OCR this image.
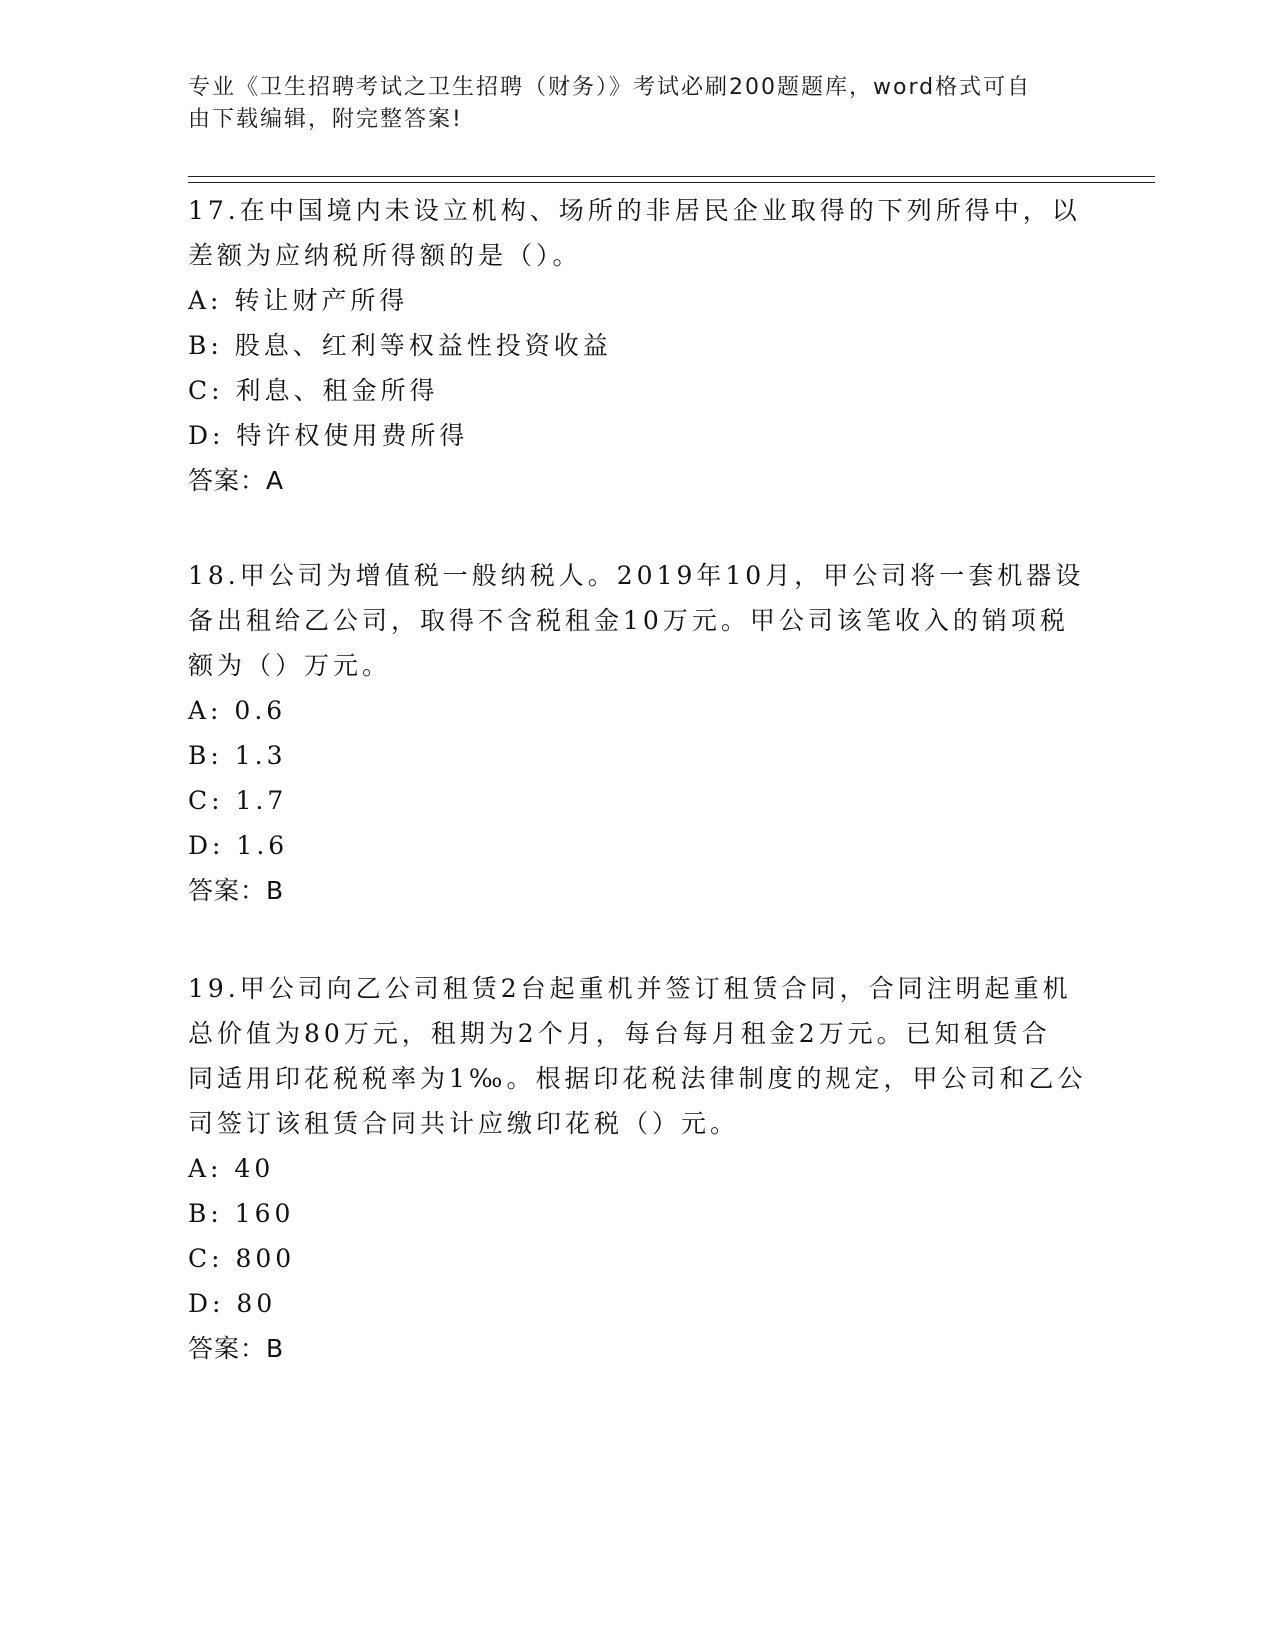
专业《卫生招聘考试之卫生招聘（财务）》考试必刷200题题库，word格式可自
由下载编辑，附完整答案!
17.在中国境内未设立机构、场所的非居民企业取得的下列所得中，以
差额为应纳税所得额的是（）。
A: 转让财产所得
B: 股息、红利等权益性投资收益
C: 利息、租金所得
D: 特许权使用费所得
答案：A
18.甲公司为增值税一般纳税人。2019年10月，甲公司将一套机器设
备出租给乙公司，取得不含税租金10万元。甲公司该笔收入的销项税
额为（）万元。
A: 0.6
B: 1.3
C: 1.7
D: 1.6
答案：B
19.甲公司向乙公司租赁2台起重机并签订租赁合同，合同注明起重机
总价值为80万元，租期为2个月，每台每月租金2万元。已知租赁合
同适用印花税税率为1‰。根据印花税法律制度的规定，甲公司和乙公
司签订该租赁合同共计应缴印花税（）元。
A: 40
B: 160
C: 800
D: 80
答案：B
